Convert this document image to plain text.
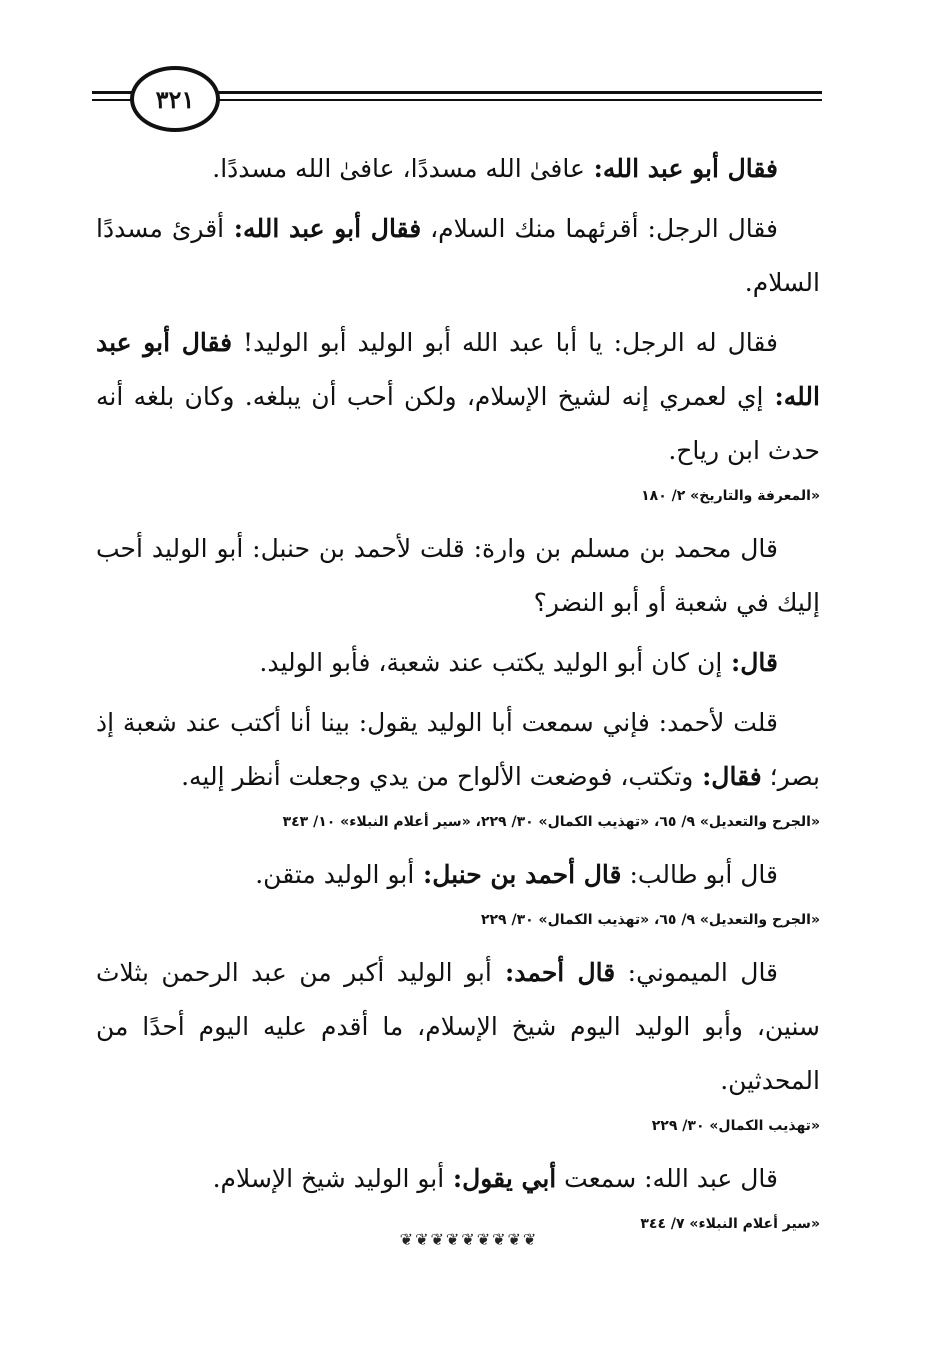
٣٢١

فقال أبو عبد الله: عافىٰ الله مسددًا، عافىٰ الله مسددًا.

فقال الرجل: أقرئهما منك السلام، فقال أبو عبد الله: أقرئ مسددًا السلام.

فقال له الرجل: يا أبا عبد الله أبو الوليد أبو الوليد! فقال أبو عبد الله: إي لعمري إنه لشيخ الإسلام، ولكن أحب أن يبلغه. وكان بلغه أنه حدث ابن رياح.

«المعرفة والتاريخ» ٢/ ١٨٠

قال محمد بن مسلم بن وارة: قلت لأحمد بن حنبل: أبو الوليد أحب إليك في شعبة أو أبو النضر؟

قال: إن كان أبو الوليد يكتب عند شعبة، فأبو الوليد.

قلت لأحمد: فإني سمعت أبا الوليد يقول: بينا أنا أكتب عند شعبة إذ بصر؛ فقال: وتكتب، فوضعت الألواح من يدي وجعلت أنظر إليه.

«الجرح والتعديل» ٩/ ٦٥، «تهذيب الكمال» ٣٠/ ٢٢٩، «سير أعلام النبلاء» ١٠/ ٣٤٣

قال أبو طالب: قال أحمد بن حنبل: أبو الوليد متقن.

«الجرح والتعديل» ٩/ ٦٥، «تهذيب الكمال» ٣٠/ ٢٢٩

قال الميموني: قال أحمد: أبو الوليد أكبر من عبد الرحمن بثلاث سنين، وأبو الوليد اليوم شيخ الإسلام، ما أقدم عليه اليوم أحدًا من المحدثين.

«تهذيب الكمال» ٣٠/ ٢٢٩

قال عبد الله: سمعت أبي يقول: أبو الوليد شيخ الإسلام.

«سير أعلام النبلاء» ٧/ ٣٤٤
❦❦❦❦❦❦❦❦❦
